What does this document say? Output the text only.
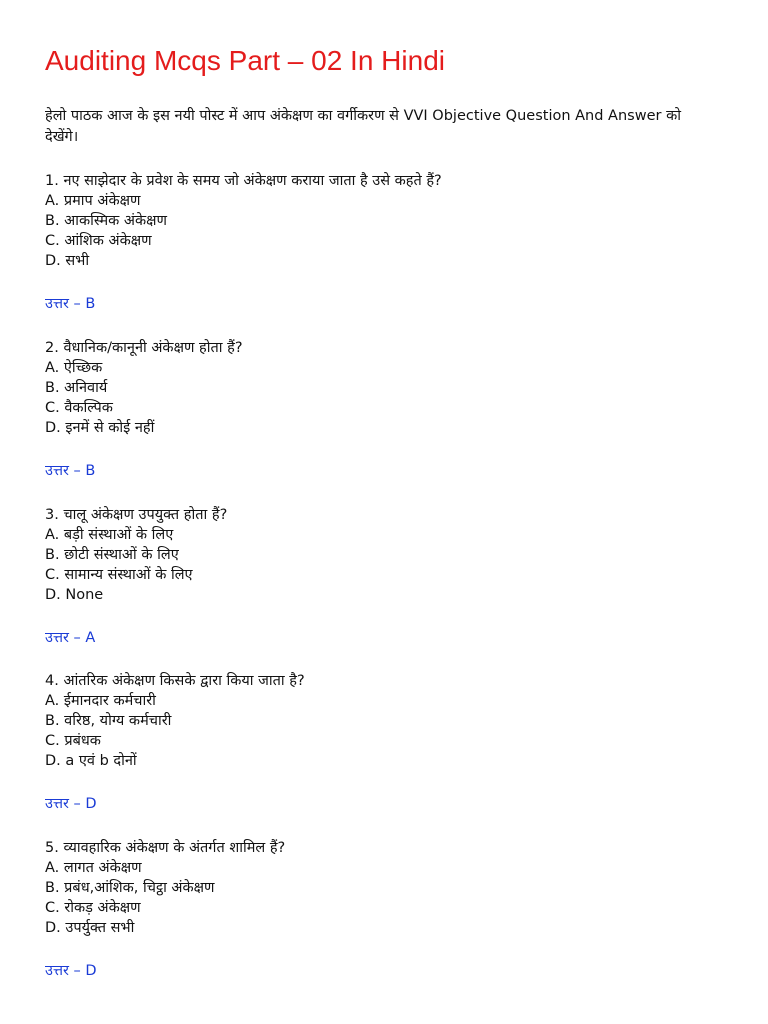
Auditing Mcqs Part – 02 In Hindi

हेलो पाठक आज के इस नयी पोस्ट में आप अंकेक्षण का वर्गीकरण से VVI Objective Question And Answer को देखेंगे।

1. नए साझेदार के प्रवेश के समय जो अंकेक्षण कराया जाता है उसे कहते हैं?
A. प्रमाप अंकेक्षण
B. आकस्मिक अंकेक्षण
C. आंशिक अंकेक्षण
D. सभी
उत्तर – B
2. वैधानिक/कानूनी अंकेक्षण होता हैं?
A. ऐच्छिक
B. अनिवार्य
C. वैकल्पिक
D. इनमें से कोई नहीं
उत्तर – B
3. चालू अंकेक्षण उपयुक्त होता हैं?
A. बड़ी संस्थाओं के लिए
B. छोटी संस्थाओं के लिए
C. सामान्य संस्थाओं के लिए
D. None
उत्तर – A
4. आंतरिक अंकेक्षण किसके द्वारा किया जाता है?
A. ईमानदार कर्मचारी
B. वरिष्ठ, योग्य कर्मचारी
C. प्रबंधक
D. a एवं b दोनों
उत्तर – D
5. व्यावहारिक अंकेक्षण के अंतर्गत शामिल हैं?
A. लागत अंकेक्षण
B. प्रबंध,आंशिक, चिट्ठा अंकेक्षण
C. रोकड़ अंकेक्षण
D. उपर्युक्त सभी
उत्तर – D
